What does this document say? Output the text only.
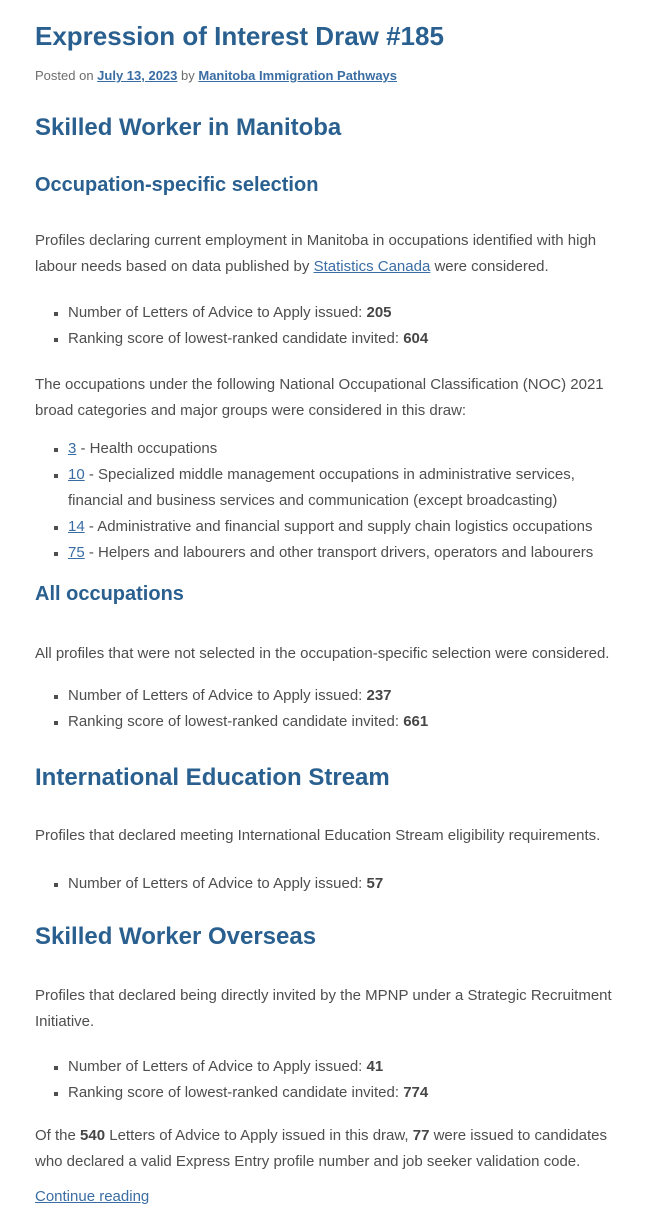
Expression of Interest Draw #185

Posted on July 13, 2023 by Manitoba Immigration Pathways

Skilled Worker in Manitoba
Occupation-specific selection

Profiles declaring current employment in Manitoba in occupations identified with high labour needs based on data published by Statistics Canada were considered.

▪ Number of Letters of Advice to Apply issued: 205
▪ Ranking score of lowest-ranked candidate invited: 604

The occupations under the following National Occupational Classification (NOC) 2021 broad categories and major groups were considered in this draw:

▪ 3 - Health occupations
▪ 10 - Specialized middle management occupations in administrative services, financial and business services and communication (except broadcasting)
▪ 14 - Administrative and financial support and supply chain logistics occupations
▪ 75 - Helpers and labourers and other transport drivers, operators and labourers
All occupations

All profiles that were not selected in the occupation-specific selection were considered.

▪ Number of Letters of Advice to Apply issued: 237
▪ Ranking score of lowest-ranked candidate invited: 661
International Education Stream

Profiles that declared meeting International Education Stream eligibility requirements.

▪ Number of Letters of Advice to Apply issued: 57
Skilled Worker Overseas

Profiles that declared being directly invited by the MPNP under a Strategic Recruitment Initiative.

▪ Number of Letters of Advice to Apply issued: 41
▪ Ranking score of lowest-ranked candidate invited: 774

Of the 540 Letters of Advice to Apply issued in this draw, 77 were issued to candidates who declared a valid Express Entry profile number and job seeker validation code.

Continue reading
